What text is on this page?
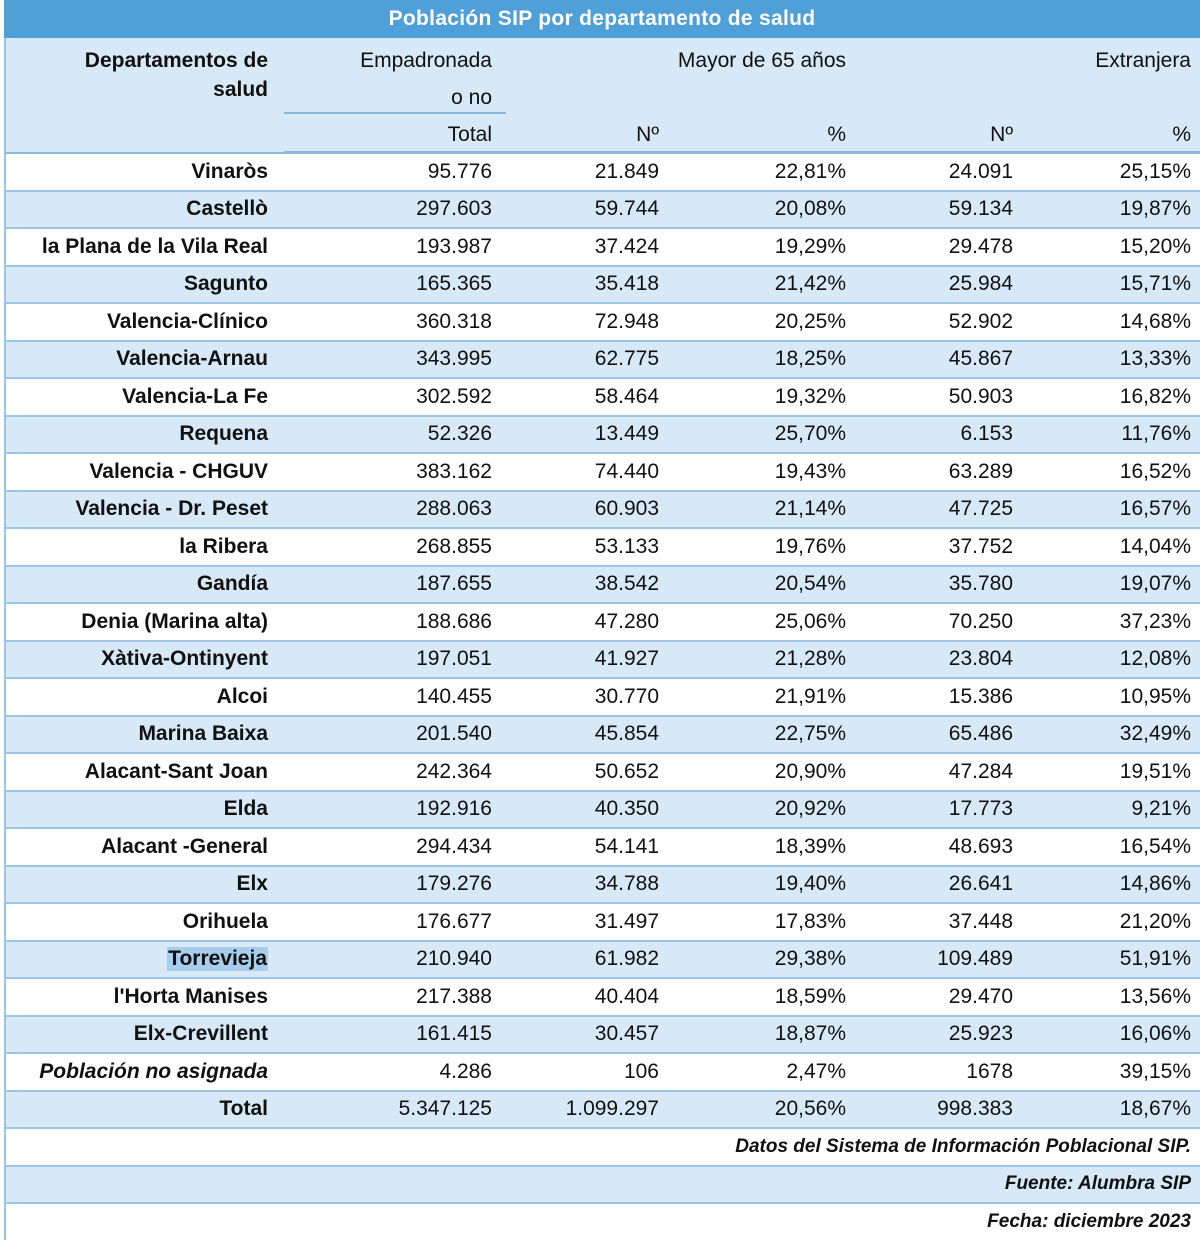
Población SIP por departamento de salud
Departamentos de
salud
Empadronada
o no
Mayor de 65 años	Extranjera
Total	Nº	%	Nº	%
Vinaròs	95.776	21.849	22,81%	24.091	25,15%
Castellò	297.603	59.744	20,08%	59.134	19,87%
la Plana de la Vila Real	193.987	37.424	19,29%	29.478	15,20%
Sagunto	165.365	35.418	21,42%	25.984	15,71%
Valencia-Clínico	360.318	72.948	20,25%	52.902	14,68%
Valencia-Arnau	343.995	62.775	18,25%	45.867	13,33%
Valencia-La Fe	302.592	58.464	19,32%	50.903	16,82%
Requena	52.326	13.449	25,70%	6.153	11,76%
Valencia - CHGUV	383.162	74.440	19,43%	63.289	16,52%
Valencia - Dr. Peset	288.063	60.903	21,14%	47.725	16,57%
la Ribera	268.855	53.133	19,76%	37.752	14,04%
Gandía	187.655	38.542	20,54%	35.780	19,07%
Denia (Marina alta)	188.686	47.280	25,06%	70.250	37,23%
Xàtiva-Ontinyent	197.051	41.927	21,28%	23.804	12,08%
Alcoi	140.455	30.770	21,91%	15.386	10,95%
Marina Baixa	201.540	45.854	22,75%	65.486	32,49%
Alacant-Sant Joan	242.364	50.652	20,90%	47.284	19,51%
Elda	192.916	40.350	20,92%	17.773	9,21%
Alacant -General	294.434	54.141	18,39%	48.693	16,54%
Elx	179.276	34.788	19,40%	26.641	14,86%
Orihuela	176.677	31.497	17,83%	37.448	21,20%
Torrevieja	210.940	61.982	29,38%	109.489	51,91%
l'Horta Manises	217.388	40.404	18,59%	29.470	13,56%
Elx-Crevillent	161.415	30.457	18,87%	25.923	16,06%
Población no asignada	4.286	106	2,47%	1678	39,15%
Total	5.347.125	1.099.297	20,56%	998.383	18,67%
Datos del Sistema de Información Poblacional SIP.
Fuente: Alumbra SIP
Fecha: diciembre 2023
